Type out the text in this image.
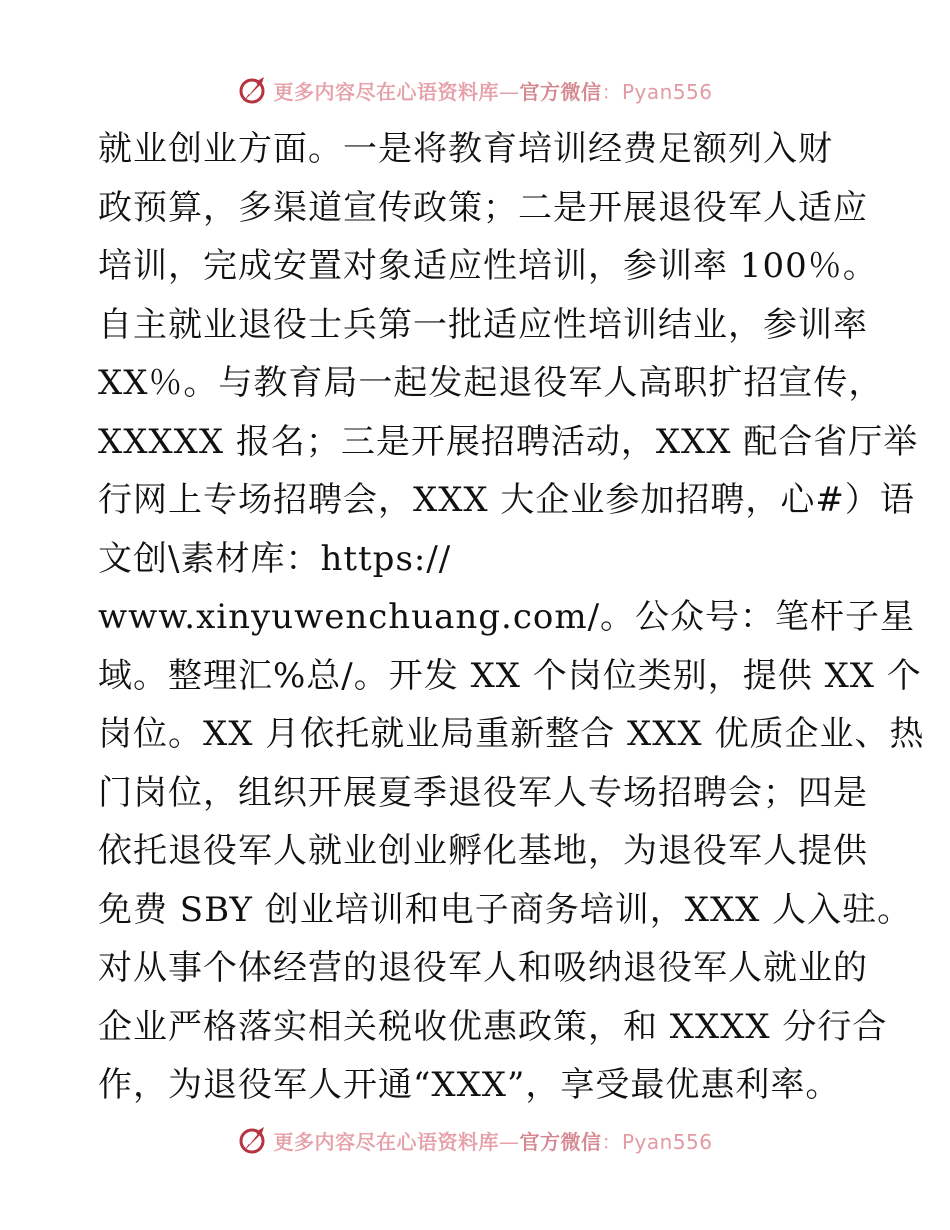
更多内容尽在心语资料库—官方微信：Pyan556
就业创业方面。一是将教育培训经费足额列入财
政预算，多渠道宣传政策；二是开展退役军人适应
培训，完成安置对象适应性培训，参训率 100％。
自主就业退役士兵第一批适应性培训结业，参训率
XX％。与教育局一起发起退役军人高职扩招宣传，
XXXXX 报名；三是开展招聘活动，XXX 配合省厅举
行网上专场招聘会，XXX 大企业参加招聘，心#）语
文创\素材库：https://
www.xinyuwenchuang.com/。公众号：笔杆子星
域。整理汇%总/。开发 XX 个岗位类别，提供 XX 个
岗位。XX 月依托就业局重新整合 XXX 优质企业、热
门岗位，组织开展夏季退役军人专场招聘会；四是
依托退役军人就业创业孵化基地，为退役军人提供
免费 SBY 创业培训和电子商务培训，XXX 人入驻。
对从事个体经营的退役军人和吸纳退役军人就业的
企业严格落实相关税收优惠政策，和 XXXX 分行合
作，为退役军人开通“XXX”，享受最优惠利率。
更多内容尽在心语资料库—官方微信：Pyan556
